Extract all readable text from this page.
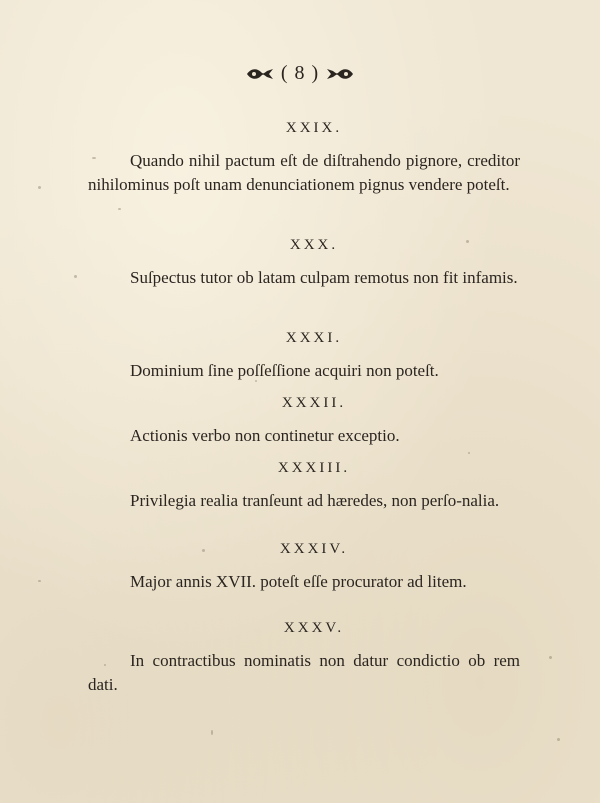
( 8 )
XXIX.
Quando nihil pactum eſt de diſtrahendo pignore, creditor nihilominus poſt unam denunciationem pignus vendere poteſt.
XXX.
Suſpectus tutor ob latam culpam remotus non fit infamis.
XXXI.
Dominium ſine poſſeſſione acquiri non poteſt.
XXXII.
Actionis verbo non continetur exceptio.
XXXIII.
Privilegia realia tranſeunt ad hæredes, non perſo-nalia.
XXXIV.
Major annis XVII. poteſt eſſe procurator ad litem.
XXXV.
In contractibus nominatis non datur condictio ob rem dati.
